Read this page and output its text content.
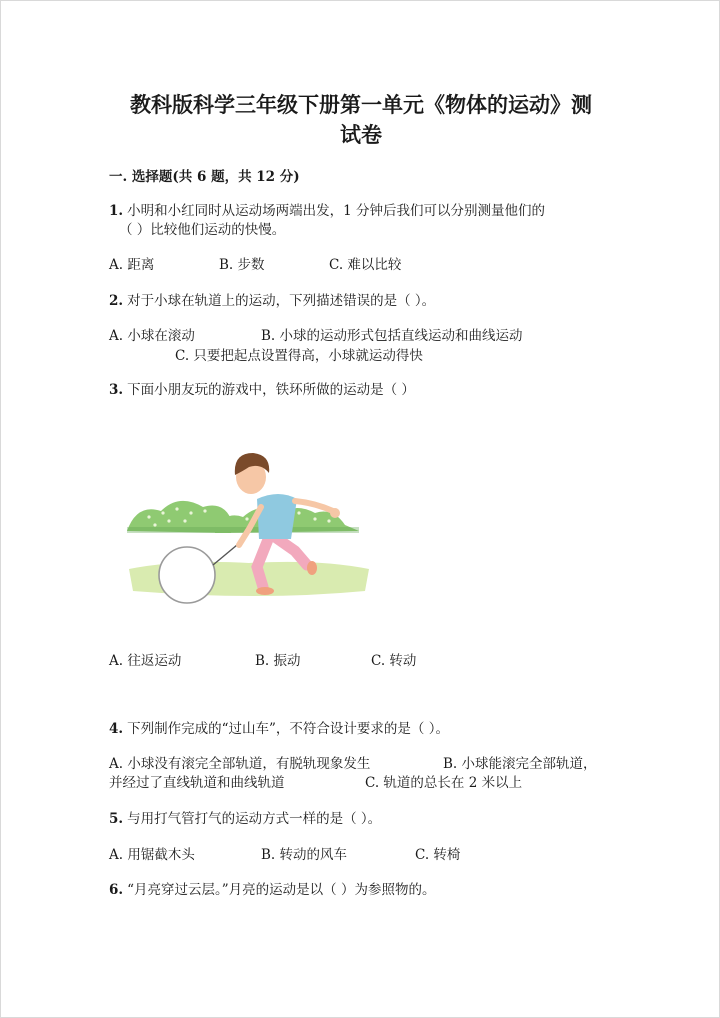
教科版科学三年级下册第一单元《物体的运动》测
试卷
一. 选择题(共 6 题，共 12 分)
1. 小明和小红同时从运动场两端出发，1 分钟后我们可以分别测量他们的
（ ）比较他们运动的快慢。
A. 距离	B. 步数	C. 难以比较
2. 对于小球在轨道上的运动，下列描述错误的是（ ）。
A. 小球在滚动	B. 小球的运动形式包括直线运动和曲线运动
C. 只要把起点设置得高，小球就运动得快
3. 下面小朋友玩的游戏中，铁环所做的运动是（ ）
A. 往返运动	B. 振动	C. 转动
4. 下列制作完成的“过山车”，不符合设计要求的是（ ）。
A. 小球没有滚完全部轨道，有脱轨现象发生	B. 小球能滚完全部轨道，
并经过了直线轨道和曲线轨道	C. 轨道的总长在 2 米以上
5. 与用打气管打气的运动方式一样的是（ ）。
A. 用锯截木头	B. 转动的风车	C. 转椅
6. “月亮穿过云层。”月亮的运动是以（ ）为参照物的。
